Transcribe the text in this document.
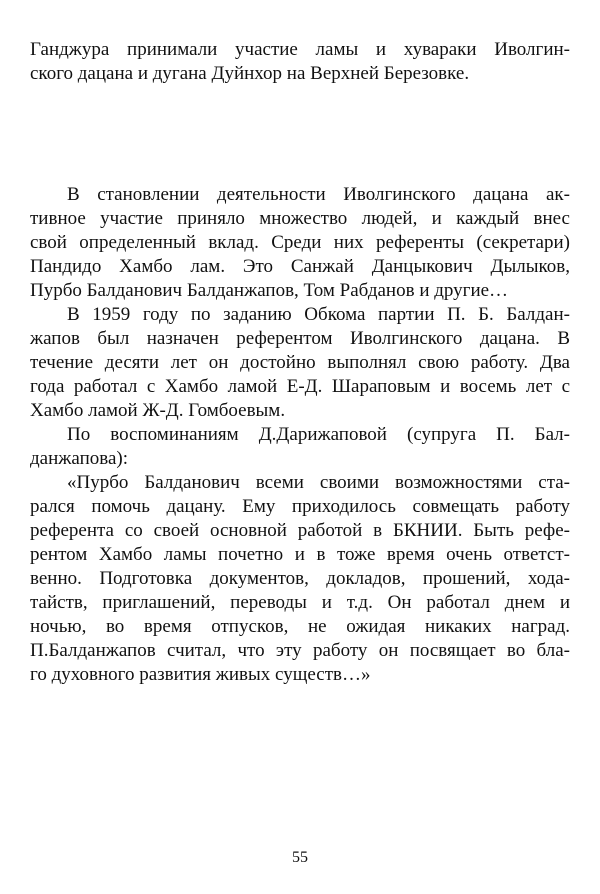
Ганджура принимали участие ламы и хувараки Иволгин-
ского дацана и дугана Дуйнхор на Верхней Березовке.
В становлении деятельности Иволгинского дацана ак-
тивное участие приняло множество людей, и каждый внес
свой определенный вклад. Среди них референты (секретари)
Пандидо Хамбо лам. Это Санжай Данцыкович Дылыков,
Пурбо Балданович Балданжапов, Том Рабданов и другие…
В 1959 году по заданию Обкома партии П. Б. Балдан-
жапов был назначен референтом Иволгинского дацана. В
течение десяти лет он достойно выполнял свою работу. Два
года работал с Хамбо ламой Е-Д. Шараповым и восемь лет с
Хамбо ламой Ж-Д. Гомбоевым.
По воспоминаниям Д.Дарижаповой (супруга П. Бал-
данжапова):
«Пурбо Балданович всеми своими возможностями ста-
рался помочь дацану. Ему приходилось совмещать работу
референта со своей основной работой в БКНИИ. Быть рефе-
рентом Хамбо ламы почетно и в тоже время очень ответст-
венно. Подготовка документов, докладов, прошений, хода-
тайств, приглашений, переводы и т.д. Он работал днем и
ночью, во время отпусков, не ожидая никаких наград.
П.Балданжапов считал, что эту работу он посвящает во бла-
го духовного развития живых существ…»
55
